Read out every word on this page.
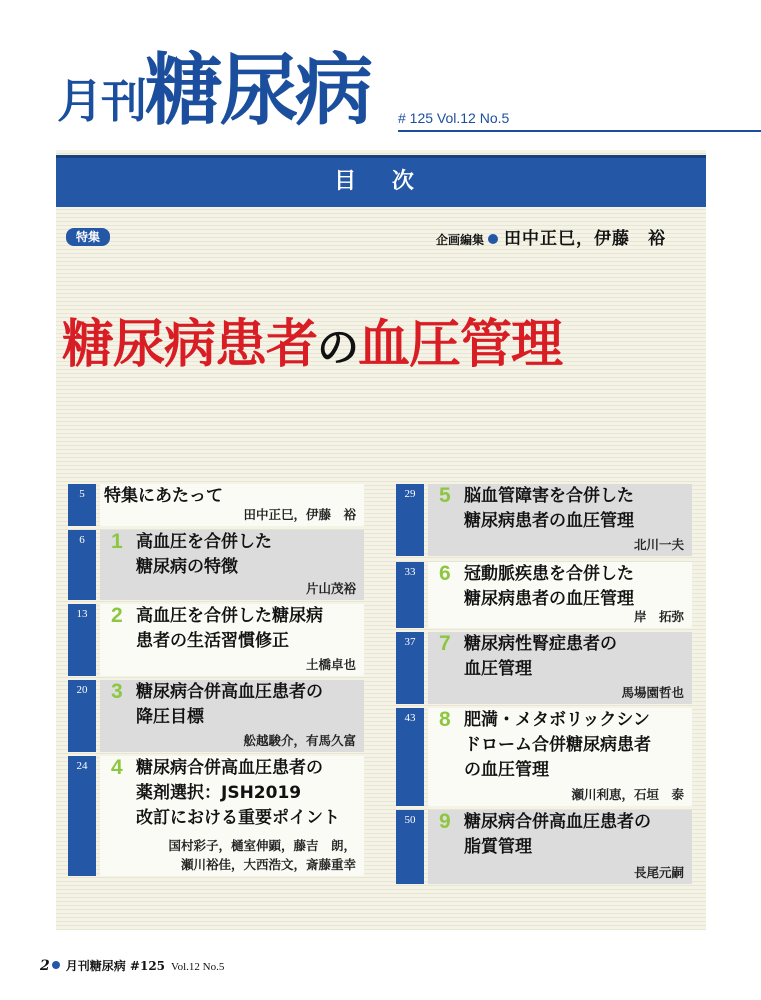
月刊糖尿病 # 125 Vol.12 No.5
目 次
特集	企画編集 田中正巳，伊藤　裕
糖尿病患者の血圧管理
5	特集にあたって
田中正巳，伊藤　裕
6	1 高血圧を合併した
糖尿病の特徴
片山茂裕
13	2 高血圧を合併した糖尿病
患者の生活習慣修正
土橋卓也
20	3 糖尿病合併高血圧患者の
降圧目標
舩越駿介，有馬久富
24	4 糖尿病合併高血圧患者の
薬剤選択：JSH2019
改訂における重要ポイント
国村彩子，樋室伸顕，藤吉　朗，
瀬川裕佳，大西浩文，斎藤重幸
29	5 脳血管障害を合併した
糖尿病患者の血圧管理
北川一夫
33	6 冠動脈疾患を合併した
糖尿病患者の血圧管理
岸　拓弥
37	7 糖尿病性腎症患者の
血圧管理
馬場園哲也
43	8 肥満・メタボリックシン
ドローム合併糖尿病患者
の血圧管理
瀬川利恵，石垣　泰
50	9 糖尿病合併高血圧患者の
脂質管理
長尾元嗣
2 月刊糖尿病 #125 Vol.12 No.5
